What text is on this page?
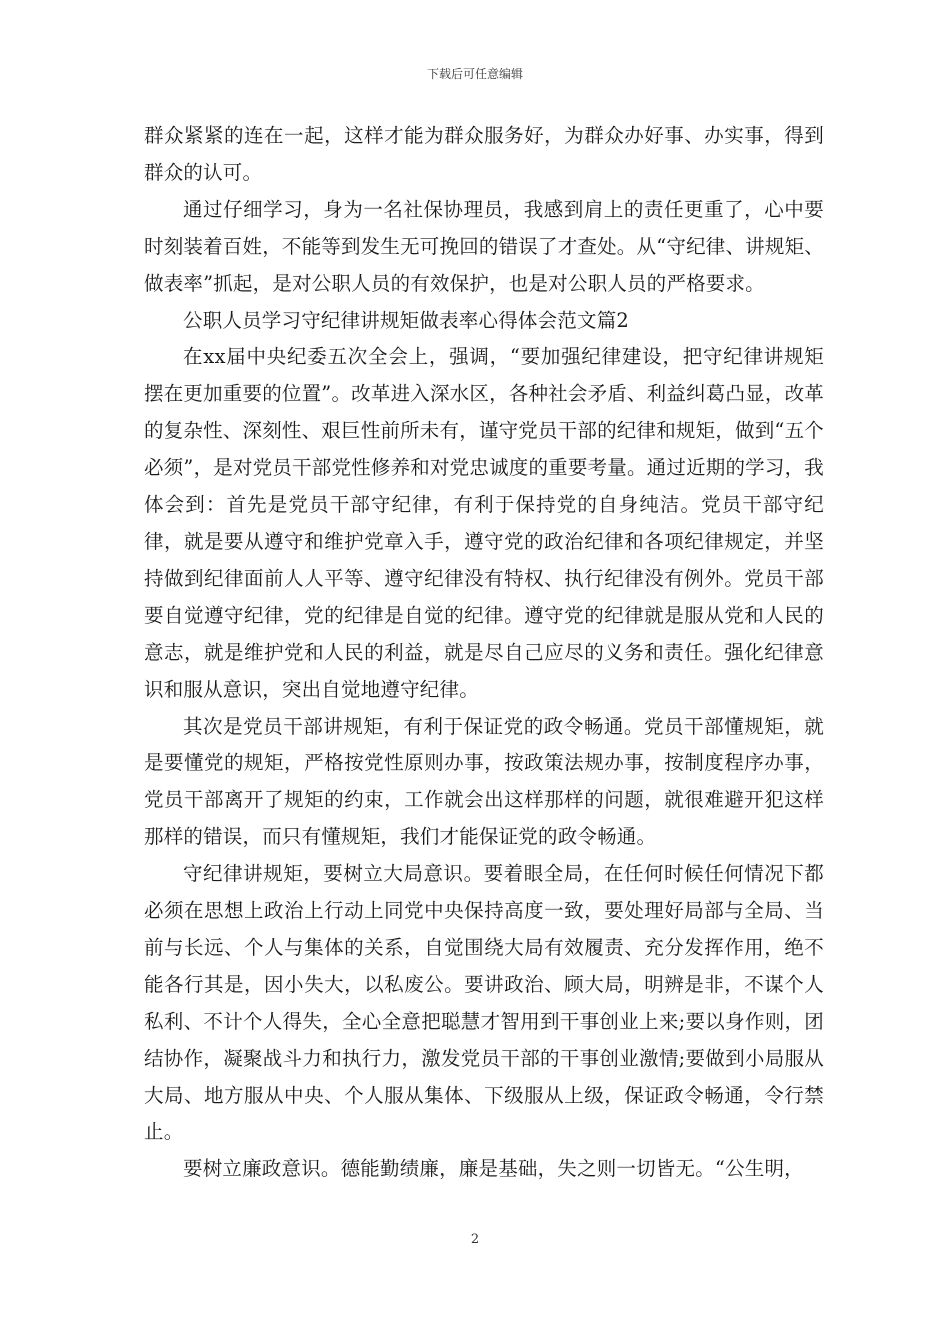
下载后可任意编辑

群众紧紧的连在一起，这样才能为群众服务好，为群众办好事、办实事，得到群众的认可。

通过仔细学习，身为一名社保协理员，我感到肩上的责任更重了，心中要时刻装着百姓，不能等到发生无可挽回的错误了才查处。从“守纪律、讲规矩、做表率”抓起，是对公职人员的有效保护，也是对公职人员的严格要求。

公职人员学习守纪律讲规矩做表率心得体会范文篇2

在xx届中央纪委五次全会上，强调，“要加强纪律建设，把守纪律讲规矩摆在更加重要的位置”。改革进入深水区，各种社会矛盾、利益纠葛凸显，改革的复杂性、深刻性、艰巨性前所未有，谨守党员干部的纪律和规矩，做到“五个必须”，是对党员干部党性修养和对党忠诚度的重要考量。通过近期的学习，我体会到：首先是党员干部守纪律，有利于保持党的自身纯洁。党员干部守纪律，就是要从遵守和维护党章入手，遵守党的政治纪律和各项纪律规定，并坚持做到纪律面前人人平等、遵守纪律没有特权、执行纪律没有例外。党员干部要自觉遵守纪律，党的纪律是自觉的纪律。遵守党的纪律就是服从党和人民的意志，就是维护党和人民的利益，就是尽自己应尽的义务和责任。强化纪律意识和服从意识，突出自觉地遵守纪律。

其次是党员干部讲规矩，有利于保证党的政令畅通。党员干部懂规矩，就是要懂党的规矩，严格按党性原则办事，按政策法规办事，按制度程序办事，党员干部离开了规矩的约束，工作就会出这样那样的问题，就很难避开犯这样那样的错误，而只有懂规矩，我们才能保证党的政令畅通。

守纪律讲规矩，要树立大局意识。要着眼全局，在任何时候任何情况下都必须在思想上政治上行动上同党中央保持高度一致，要处理好局部与全局、当前与长远、个人与集体的关系，自觉围绕大局有效履责、充分发挥作用，绝不能各行其是，因小失大，以私废公。要讲政治、顾大局，明辨是非，不谋个人私利、不计个人得失，全心全意把聪慧才智用到干事创业上来;要以身作则，团结协作，凝聚战斗力和执行力，激发党员干部的干事创业激情;要做到小局服从大局、地方服从中央、个人服从集体、下级服从上级，保证政令畅通，令行禁止。

要树立廉政意识。德能勤绩廉，廉是基础，失之则一切皆无。“公生明，

2
